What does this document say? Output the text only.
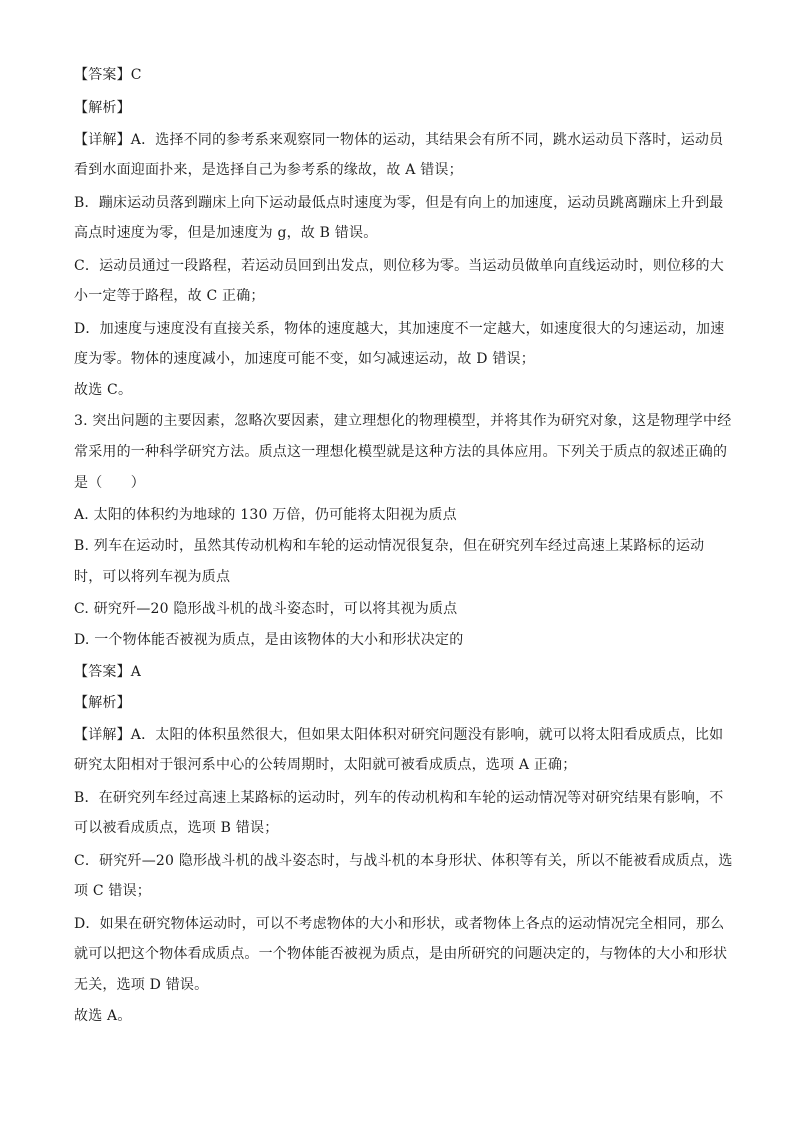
【答案】C
【解析】
【详解】A．选择不同的参考系来观察同一物体的运动，其结果会有所不同，跳水运动员下落时，运动员
看到水面迎面扑来，是选择自己为参考系的缘故，故 A 错误；
B．蹦床运动员落到蹦床上向下运动最低点时速度为零，但是有向上的加速度，运动员跳离蹦床上升到最
高点时速度为零，但是加速度为 g，故 B 错误。
C．运动员通过一段路程，若运动员回到出发点，则位移为零。当运动员做单向直线运动时，则位移的大
小一定等于路程，故 C 正确；
D．加速度与速度没有直接关系，物体的速度越大，其加速度不一定越大，如速度很大的匀速运动，加速
度为零。物体的速度减小，加速度可能不变，如匀减速运动，故 D 错误；
故选 C。
3. 突出问题的主要因素，忽略次要因素，建立理想化的物理模型，并将其作为研究对象，这是物理学中经
常采用的一种科学研究方法。质点这一理想化模型就是这种方法的具体应用。下列关于质点的叙述正确的
是（　　）
A. 太阳的体积约为地球的 130 万倍，仍可能将太阳视为质点
B. 列车在运动时，虽然其传动机构和车轮的运动情况很复杂，但在研究列车经过高速上某路标的运动
时，可以将列车视为质点
C. 研究歼—20 隐形战斗机的战斗姿态时，可以将其视为质点
D. 一个物体能否被视为质点，是由该物体的大小和形状决定的
【答案】A
【解析】
【详解】A．太阳的体积虽然很大，但如果太阳体积对研究问题没有影响，就可以将太阳看成质点，比如
研究太阳相对于银河系中心的公转周期时，太阳就可被看成质点，选项 A 正确；
B．在研究列车经过高速上某路标的运动时，列车的传动机构和车轮的运动情况等对研究结果有影响，不
可以被看成质点，选项 B 错误；
C．研究歼—20 隐形战斗机的战斗姿态时，与战斗机的本身形状、体积等有关，所以不能被看成质点，选
项 C 错误；
D．如果在研究物体运动时，可以不考虑物体的大小和形状，或者物体上各点的运动情况完全相同，那么
就可以把这个物体看成质点。一个物体能否被视为质点，是由所研究的问题决定的，与物体的大小和形状
无关，选项 D 错误。
故选 A。
